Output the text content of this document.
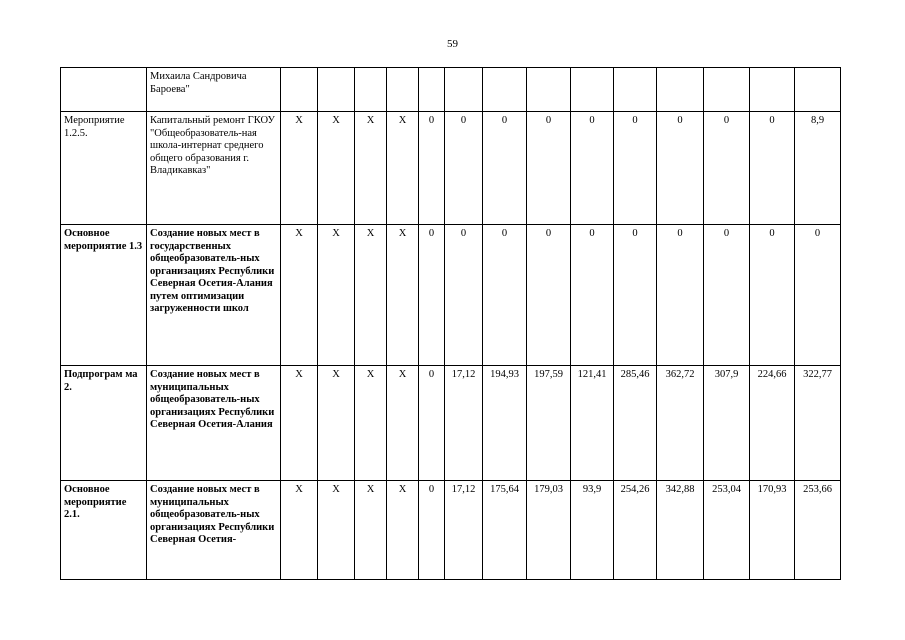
59
	Михаила Сандровича Бароева"														
Мероприятие 1.2.5.	Капитальный ремонт ГКОУ "Общеобразователь-ная школа-интернат среднего общего образования г. Владикавказ"	X	X	X	X	0	0	0	0	0	0	0	0	0	8,9
Основное мероприятие 1.3	Создание новых мест в государственных общеобразователь-ных организациях Республики Северная Осетия-Алания путем оптимизации загруженности школ	X	X	X	X	0	0	0	0	0	0	0	0	0	0
Подпрограм ма 2.	Создание новых мест в муниципальных общеобразователь-ных организациях Республики Северная Осетия-Алания	X	X	X	X	0	17,12	194,93	197,59	121,41	285,46	362,72	307,9	224,66	322,77
Основное мероприятие 2.1.	Создание новых мест в муниципальных общеобразователь-ных организациях Республики Северная Осетия-	X	X	X	X	0	17,12	175,64	179,03	93,9	254,26	342,88	253,04	170,93	253,66
